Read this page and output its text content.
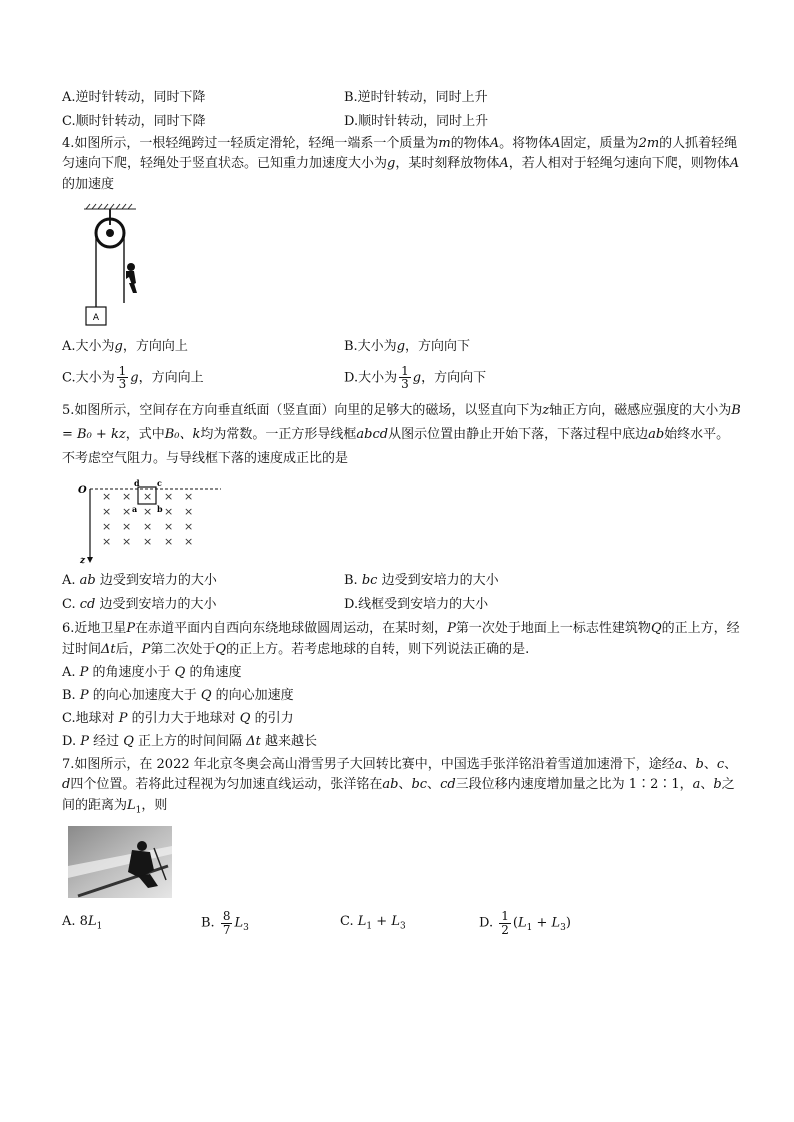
A.逆时针转动，同时下降	B.逆时针转动，同时上升
C.顺时针转动，同时下降	D.顺时针转动，同时上升

4.如图所示，一根轻绳跨过一轻质定滑轮，轻绳一端系一个质量为m的物体A。将物体A固定，质量为2m的人抓着轻绳匀速向下爬，轻绳处于竖直状态。已知重力加速度大小为g，某时刻释放物体A，若人相对于轻绳匀速向下爬，则物体A的加速度

A
A.大小为g，方向向上	B.大小为g，方向向下
C.大小为 $\frac{1}{3}$ g，方向向上	D.大小为 $\frac{1}{3}$ g，方向向下

5.如图所示，空间存在方向垂直纸面（竖直面）向里的足够大的磁场，以竖直向下为z轴正方向，磁感应强度的大小为B = B₀ + kz，式中B₀、k均为常数。一正方形导线框abcd从图示位置由静止开始下落，下落过程中底边ab始终水平。不考虑空气阻力。与导线框下落的速度成正比的是

O
z
d c
a b
× × × × ×
× × × × ×
× × × × ×
× × × × ×
A. ab 边受到安培力的大小	B. bc 边受到安培力的大小
C. cd 边受到安培力的大小	D.线框受到安培力的大小

6.近地卫星P在赤道平面内自西向东绕地球做圆周运动，在某时刻，P第一次处于地面上一标志性建筑物Q的正上方，经过时间Δt后，P第二次处于Q的正上方。若考虑地球的自转，则下列说法正确的是.

A. P 的角速度小于 Q 的角速度
B. P 的向心加速度大于 Q 的向心加速度
C.地球对 P 的引力大于地球对 Q 的引力
D. P 经过 Q 正上方的时间间隔 Δt 越来越长

7.如图所示，在 2022 年北京冬奥会高山滑雪男子大回转比赛中，中国选手张洋铭沿着雪道加速滑下，途经a、b、c、d四个位置。若将此过程视为匀加速直线运动，张洋铭在ab、bc、cd三段位移内速度增加量之比为 1∶2∶1，a、b之间的距离为$L_1$，则

A. $8L_1$	B. $\frac{8}{7} L_3$	C. $L_1 + L_3$	D. $\frac{1}{2} (L_1 + L_3)$
